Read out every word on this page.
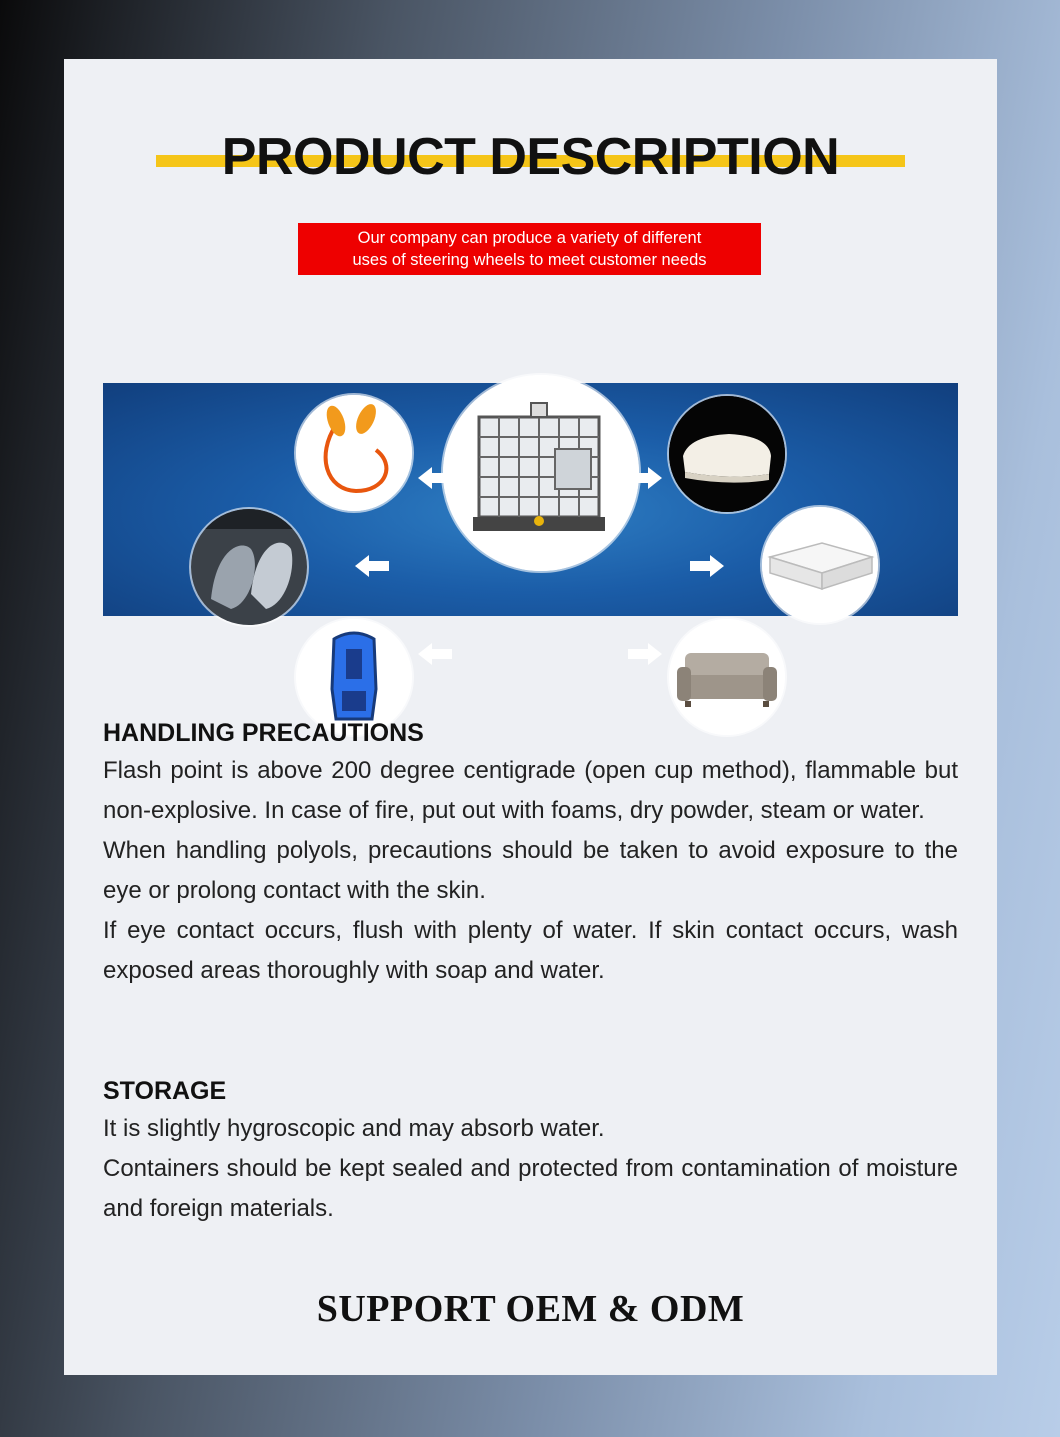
PRODUCT DESCRIPTION
Our company can produce a variety of different
uses of steering wheels to meet customer needs
HANDLING PRECAUTIONS

Flash point is above 200 degree centigrade (open cup method), flammable but non-explosive. In case of fire, put out with foams, dry powder, steam or water.

When handling polyols, precautions should be taken to avoid exposure to the eye or prolong contact with the skin.

If eye contact occurs, flush with plenty of water. If skin contact occurs, wash exposed areas thoroughly with soap and water.

STORAGE

It is slightly hygroscopic and may absorb water.

Containers should be kept sealed and protected from contamination of moisture and foreign materials.

SUPPORT OEM & ODM
